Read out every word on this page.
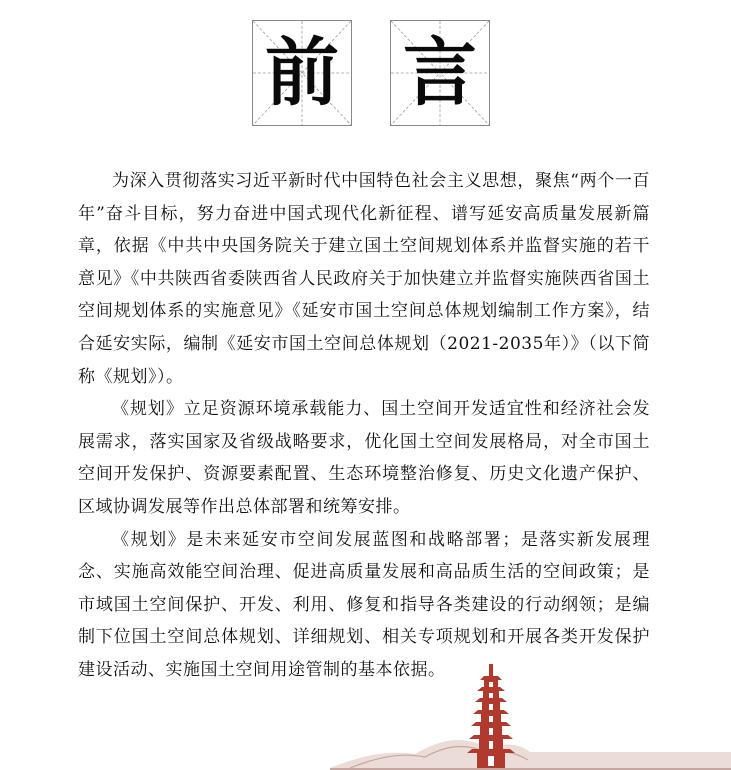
前 言

为深入贯彻落实习近平新时代中国特色社会主义思想，聚焦“两个一百年”奋斗目标，努力奋进中国式现代化新征程、谱写延安高质量发展新篇章，依据《中共中央国务院关于建立国土空间规划体系并监督实施的若干意见》《中共陕西省委陕西省人民政府关于加快建立并监督实施陕西省国土空间规划体系的实施意见》《延安市国土空间总体规划编制工作方案》，结合延安实际，编制《延安市国土空间总体规划（2021-2035年）》（以下简称《规划》）。

《规划》立足资源环境承载能力、国土空间开发适宜性和经济社会发展需求，落实国家及省级战略要求，优化国土空间发展格局，对全市国土空间开发保护、资源要素配置、生态环境整治修复、历史文化遗产保护、区域协调发展等作出总体部署和统筹安排。

《规划》是未来延安市空间发展蓝图和战略部署；是落实新发展理念、实施高效能空间治理、促进高质量发展和高品质生活的空间政策；是市域国土空间保护、开发、利用、修复和指导各类建设的行动纲领；是编制下位国土空间总体规划、详细规划、相关专项规划和开展各类开发保护建设活动、实施国土空间用途管制的基本依据。
